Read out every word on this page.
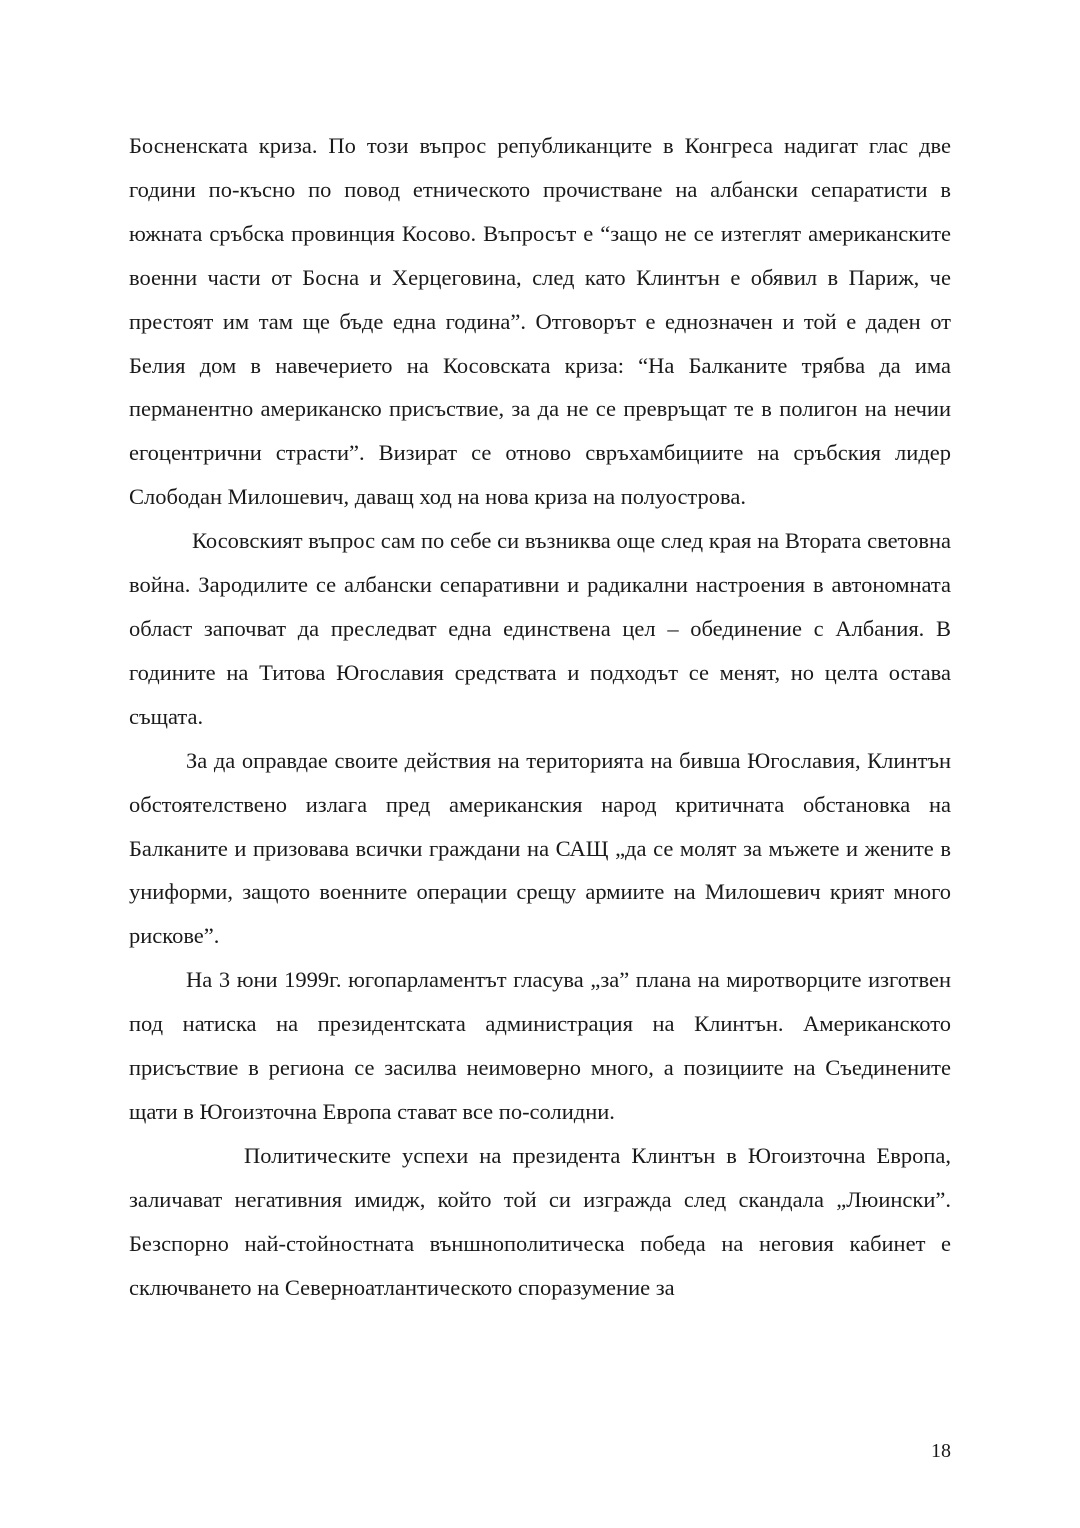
Босненската криза. По този въпрос републиканците в Конгреса надигат глас две години по-късно по повод етническото прочистване на албански сепаратисти в южната сръбска провинция Косово. Въпросът е “защо не се изтеглят американските военни части от Босна и Херцеговина, след като Клинтън е обявил в Париж, че престоят им там ще бъде една година”. Отговорът е еднозначен и той е даден от Белия дом в навечерието на Косовската криза: “На Балканите трябва да има перманентно американско присъствие, за да не се превръщат те в полигон на нечии егоцентрични страсти”. Визират се отново свръхамбициите на сръбския лидер Слободан Милошевич, даващ ход на нова криза на полуострова.

Косовският въпрос сам по себе си възниква още след края на Втората световна война. Зародилите се албански сепаративни и радикални настроения в автономната област започват да преследват една единствена цел – обединение с Албания. В годините на Титова Югославия средствата и подходът се менят, но целта остава същата.

За да оправдае своите действия на територията на бивша Югославия, Клинтън обстоятелствено излага пред американския народ критичната обстановка на Балканите и призовава всички граждани на САЩ „да се молят за мъжете и жените в униформи, защото военните операции срещу армиите на Милошевич крият много рискове”.

На 3 юни 1999г. югопарламентът гласува „за” плана на миротворците изготвен под натиска на президентската администрация на Клинтън. Американското присъствие в региона се засилва неимоверно много, а позициите на Съединените щати в Югоизточна Европа стават все по-солидни.

Политическите успехи на президента Клинтън в Югоизточна Европа, заличават негативния имидж, който той си изгражда след скандала „Люински”. Безспорно най-стойностната външнополитическа победа на неговия кабинет е сключването на Северноатлантическото споразумение за

18
